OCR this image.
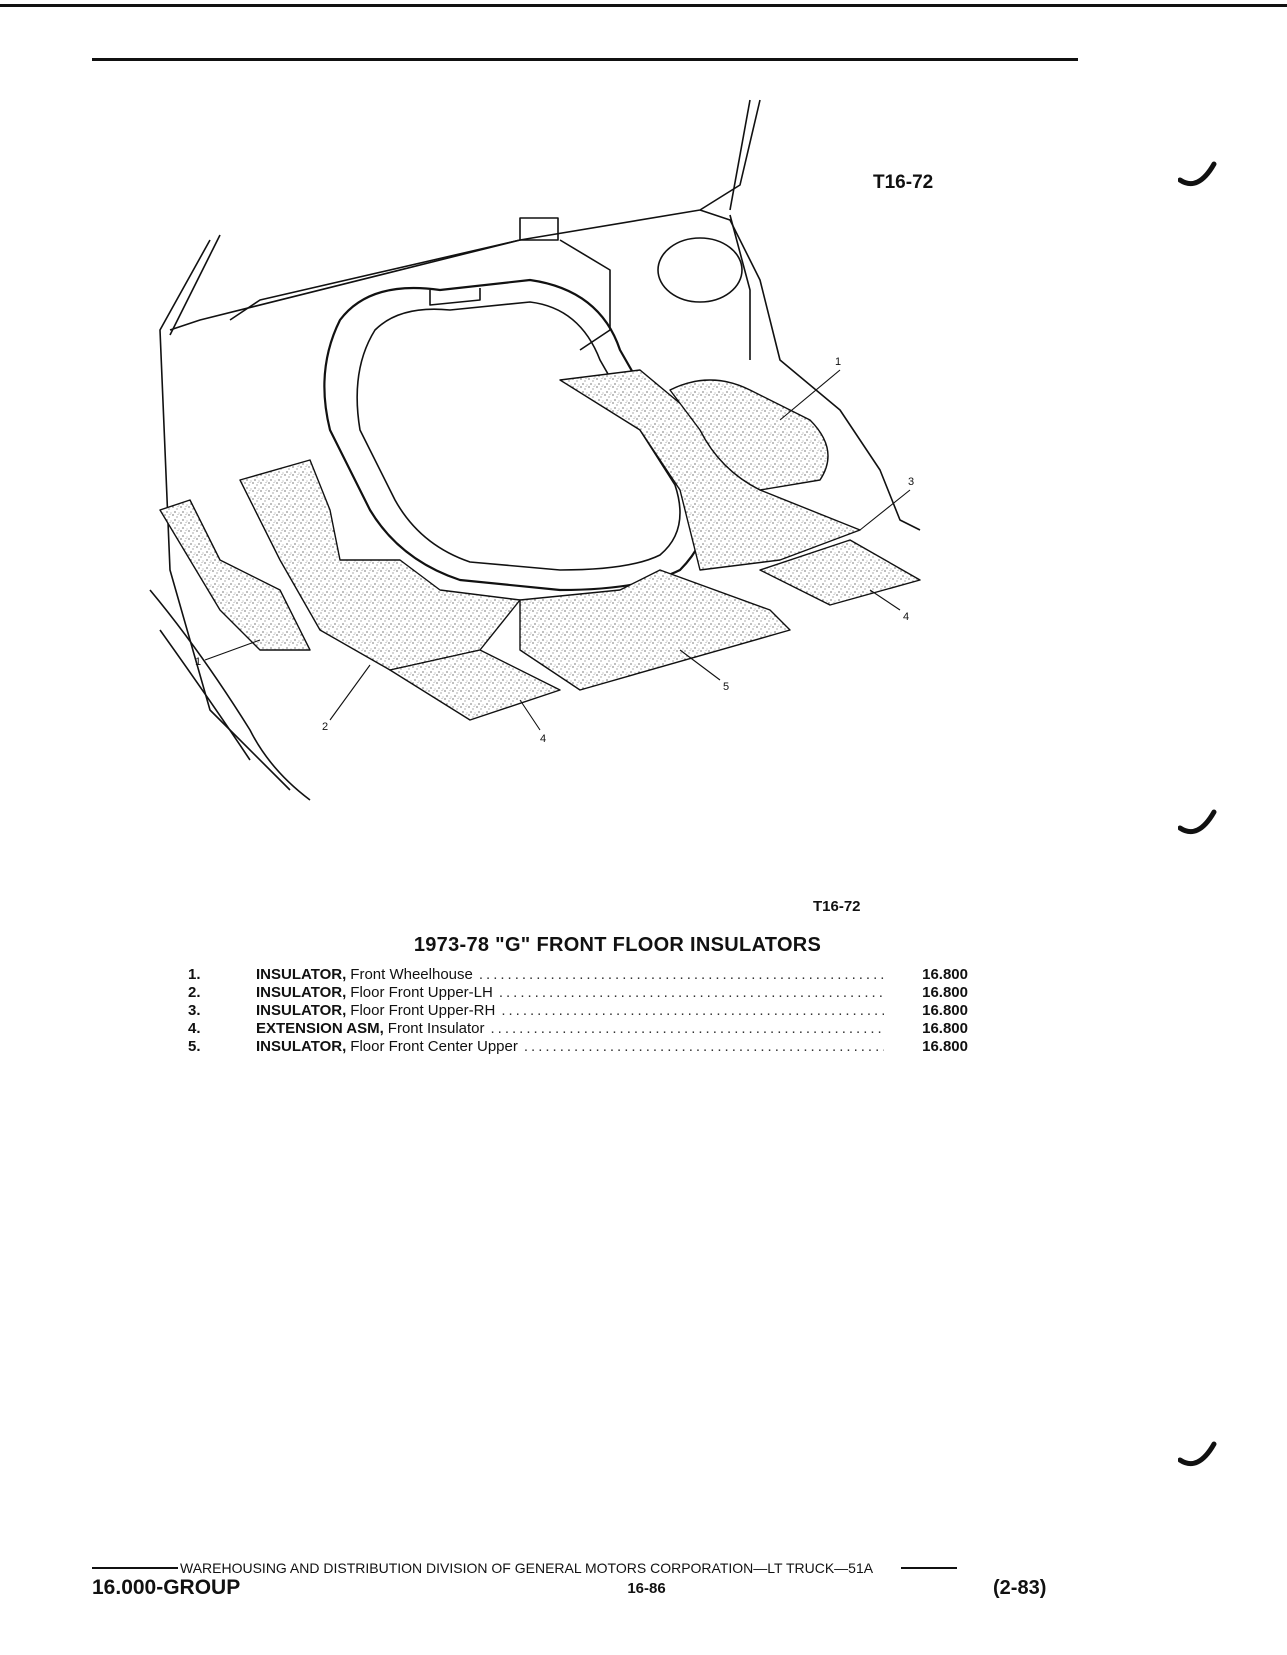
T16-72
1
1
2
3
4
4
5
T16-72
1973-78 "G" FRONT FLOOR INSULATORS
1.	INSULATOR, Front Wheelhouse .....	16.800
2.	INSULATOR, Floor Front Upper-LH .....	16.800
3.	INSULATOR, Floor Front Upper-RH .....	16.800
4.	EXTENSION ASM, Front Insulator .....	16.800
5.	INSULATOR, Floor Front Center Upper .....	16.800
WAREHOUSING AND DISTRIBUTION DIVISION OF GENERAL MOTORS CORPORATION—LT TRUCK—51A
16.000-GROUP	16-86	(2-83)
